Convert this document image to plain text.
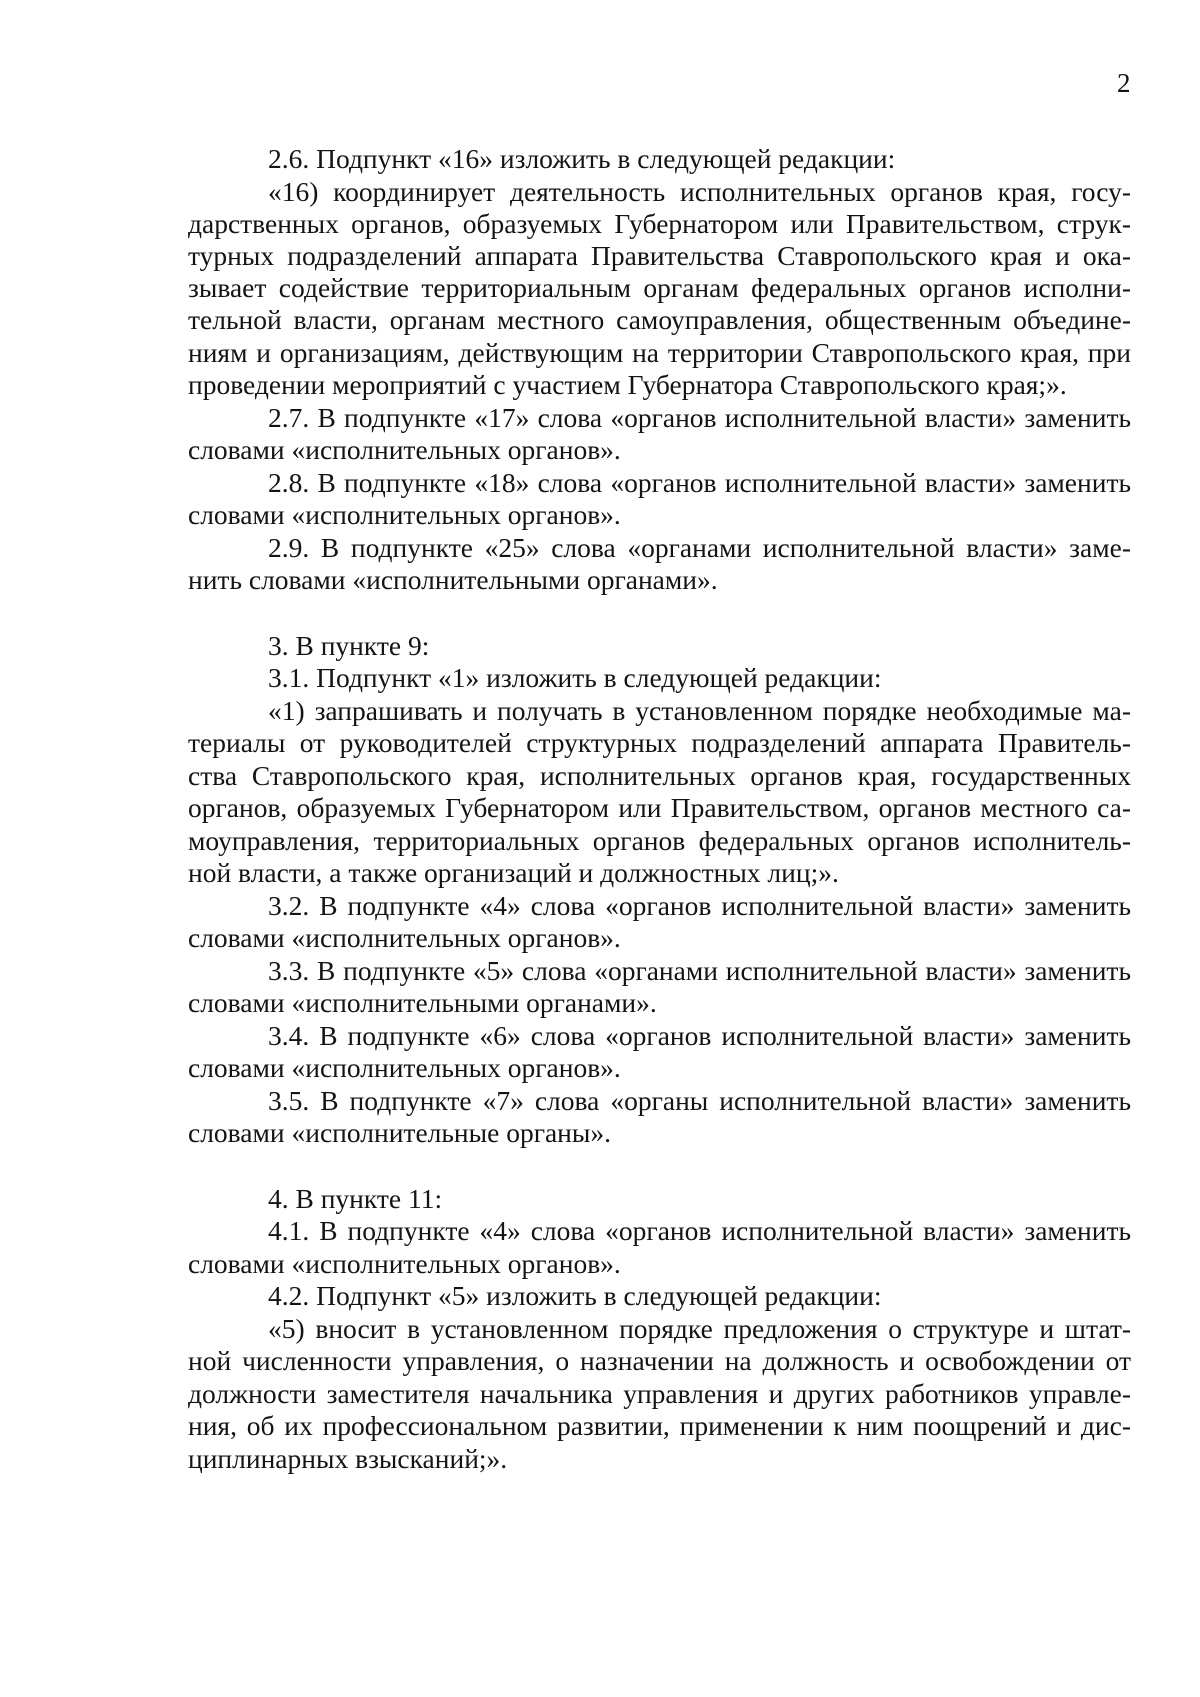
2
2.6. Подпункт «16» изложить в следующей редакции:
«16) координирует деятельность исполнительных органов края, госу-
дарственных органов, образуемых Губернатором или Правительством, струк-
турных подразделений аппарата Правительства Ставропольского края и ока-
зывает содействие территориальным органам федеральных органов исполни-
тельной власти, органам местного самоуправления, общественным объедине-
ниям и организациям, действующим на территории Ставропольского края, при
проведении мероприятий с участием Губернатора Ставропольского края;».
2.7. В подпункте «17» слова «органов исполнительной власти» заменить
словами «исполнительных органов».
2.8. В подпункте «18» слова «органов исполнительной власти» заменить
словами «исполнительных органов».
2.9. В подпункте «25» слова «органами исполнительной власти» заме-
нить словами «исполнительными органами».
3. В пункте 9:
3.1. Подпункт «1» изложить в следующей редакции:
«1) запрашивать и получать в установленном порядке необходимые ма-
териалы от руководителей структурных подразделений аппарата Правитель-
ства Ставропольского края, исполнительных органов края, государственных
органов, образуемых Губернатором или Правительством, органов местного са-
моуправления, территориальных органов федеральных органов исполнитель-
ной власти, а также организаций и должностных лиц;».
3.2. В подпункте «4» слова «органов исполнительной власти» заменить
словами «исполнительных органов».
3.3. В подпункте «5» слова «органами исполнительной власти» заменить
словами «исполнительными органами».
3.4. В подпункте «6» слова «органов исполнительной власти» заменить
словами «исполнительных органов».
3.5. В подпункте «7» слова «органы исполнительной власти» заменить
словами «исполнительные органы».
4. В пункте 11:
4.1. В подпункте «4» слова «органов исполнительной власти» заменить
словами «исполнительных органов».
4.2. Подпункт «5» изложить в следующей редакции:
«5) вносит в установленном порядке предложения о структуре и штат-
ной численности управления, о назначении на должность и освобождении от
должности заместителя начальника управления и других работников управле-
ния, об их профессиональном развитии, применении к ним поощрений и дис-
циплинарных взысканий;».
